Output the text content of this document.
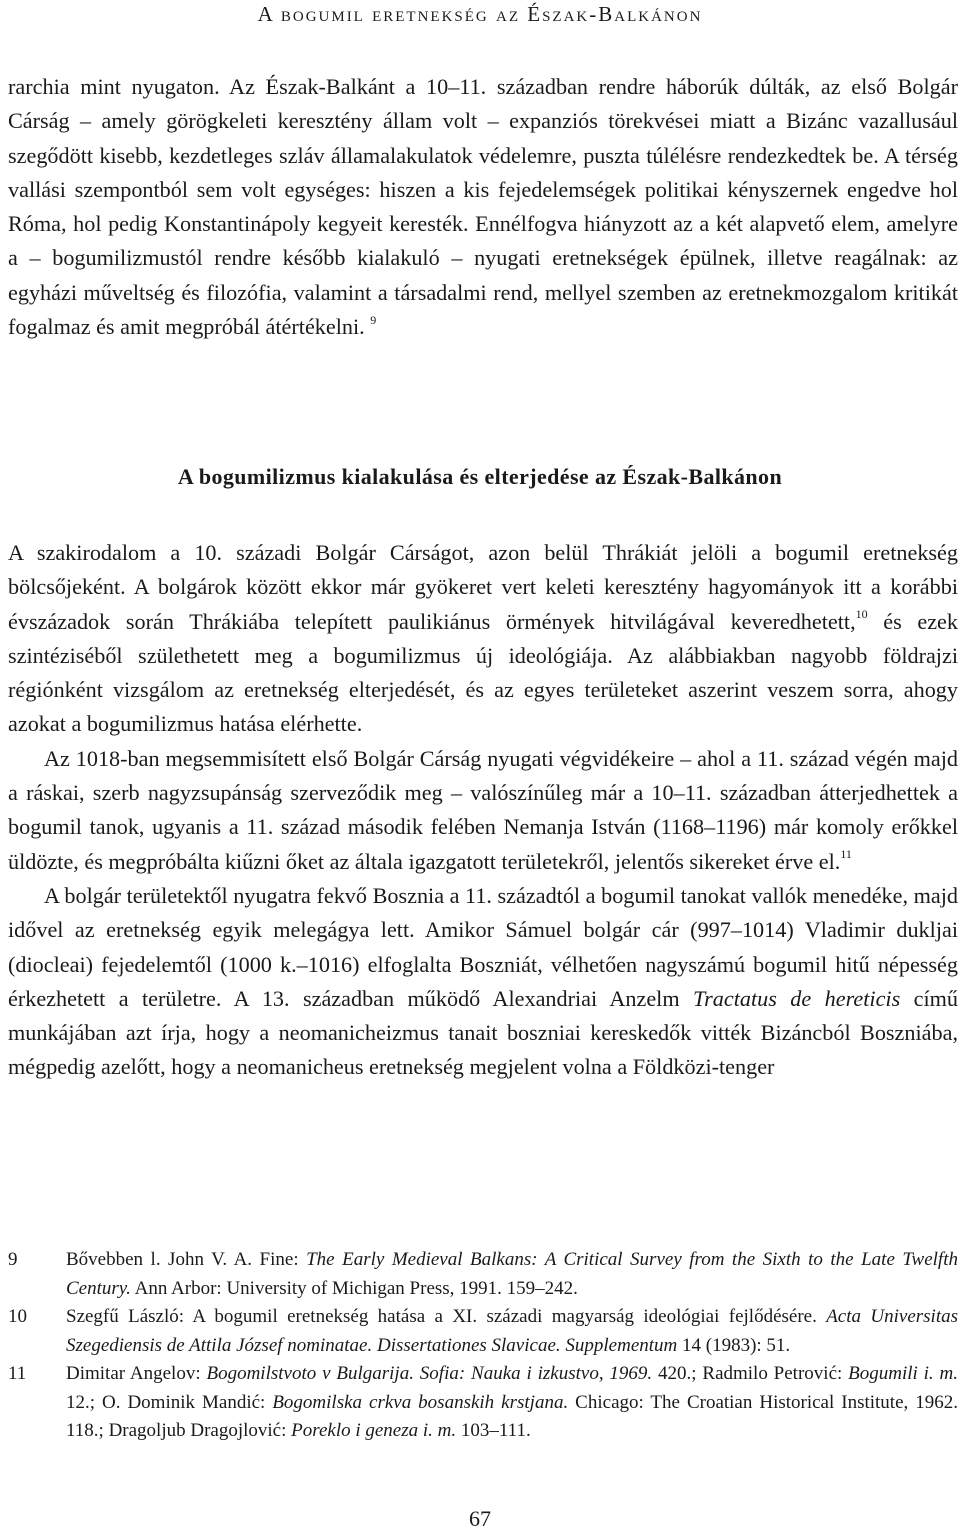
A bogumil eretnekség az Észak-Balkánon

rarchia mint nyugaton. Az Észak-Balkánt a 10–11. században rendre háborúk dúlták, az első Bolgár Cárság – amely görögkeleti keresztény állam volt – expanziós törekvései miatt a Bizánc vazallusául szegődött kisebb, kezdetleges szláv államalakulatok védelemre, puszta túlélésre rendezkedtek be. A térség vallási szempontból sem volt egységes: hiszen a kis fejedelemségek politikai kényszernek engedve hol Róma, hol pedig Konstantinápoly kegyeit keresték. Ennélfogva hiányzott az a két alapvető elem, amelyre a – bogumilizmustól rendre később kialakuló – nyugati eretnekségek épülnek, illetve reagálnak: az egyházi műveltség és filozófia, valamint a társadalmi rend, mellyel szemben az eretnekmozgalom kritikát fogalmaz és amit megpróbál átértékelni. $^9$

A bogumilizmus kialakulása és elterjedése az Észak-Balkánon

A szakirodalom a 10. századi Bolgár Cárságot, azon belül Thrákiát jelöli a bogumil eretnekség bölcsőjeként. A bolgárok között ekkor már gyökeret vert keleti keresztény hagyományok itt a korábbi évszázadok során Thrákiába telepített paulikiánus örmények hitvilágával keveredhetett,$^{10}$ és ezek szintéziséből születhetett meg a bogumilizmus új ideológiája. Az alábbiakban nagyobb földrajzi régiónként vizsgálom az eretnekség elterjedését, és az egyes területeket aszerint veszem sorra, ahogy azokat a bogumilizmus hatása elérhette.

Az 1018-ban megsemmisített első Bolgár Cárság nyugati végvidékeire – ahol a 11. század végén majd a ráskai, szerb nagyzsupánság szerveződik meg – valószínűleg már a 10–11. században átterjedhettek a bogumil tanok, ugyanis a 11. század második felében Nemanja István (1168–1196) már komoly erőkkel üldözte, és megpróbálta kiűzni őket az általa igazgatott területekről, jelentős sikereket érve el.$^{11}$

A bolgár területektől nyugatra fekvő Bosznia a 11. századtól a bogumil tanokat vallók menedéke, majd idővel az eretnekség egyik melegágya lett. Amikor Sámuel bolgár cár (997–1014) Vladimir dukljai (diocleai) fejedelemtől (1000 k.–1016) elfoglalta Boszniát, vélhetően nagyszámú bogumil hitű népesség érkezhetett a területre. A 13. században működő Alexandriai Anzelm Tractatus de hereticis című munkájában azt írja, hogy a neomanicheizmus tanait boszniai kereskedők vitték Bizáncból Boszniába, mégpedig azelőtt, hogy a neomanicheus eretnekség megjelent volna a Földközi-tenger

9	Bővebben l. John V. A. Fine: The Early Medieval Balkans: A Critical Survey from the Sixth to the Late Twelfth Century. Ann Arbor: University of Michigan Press, 1991. 159–242.
10	Szegfű László: A bogumil eretnekség hatása a XI. századi magyarság ideológiai fejlődésére. Acta Universitas Szegediensis de Attila József nominatae. Dissertationes Slavicae. Supplementum 14 (1983): 51.
11	Dimitar Angelov: Bogomilstvoto v Bulgarija. Sofia: Nauka i izkustvo, 1969. 420.; Radmilo Petrović: Bogumili i. m. 12.; O. Dominik Mandić: Bogomilska crkva bosanskih krstjana. Chicago: The Croatian Historical Institute, 1962. 118.; Dragoljub Dragojlović: Poreklo i geneza i. m. 103–111.
67
